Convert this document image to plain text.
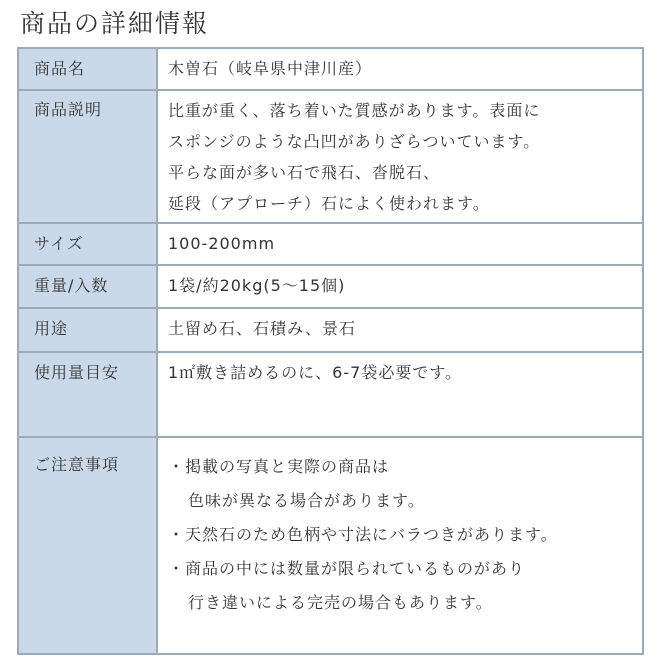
商品の詳細情報
商品名	木曽石（岐阜県中津川産）

商品説明	比重が重く、落ち着いた質感があります。表面に
スポンジのような凸凹がありざらついています。
平らな面が多い石で飛石、沓脱石、
延段（アプローチ）石によく使われます。

サイズ	100-200mm

重量/入数	1袋/約20kg(5～15個)

用途	土留め石、石積み、景石

使用量目安	1㎡敷き詰めるのに、6-7袋必要です。

ご注意事項	・掲載の写真と実際の商品は
色味が異なる場合があります。
・天然石のため色柄や寸法にバラつきがあります。
・商品の中には数量が限られているものがあり
行き違いによる完売の場合もあります。
